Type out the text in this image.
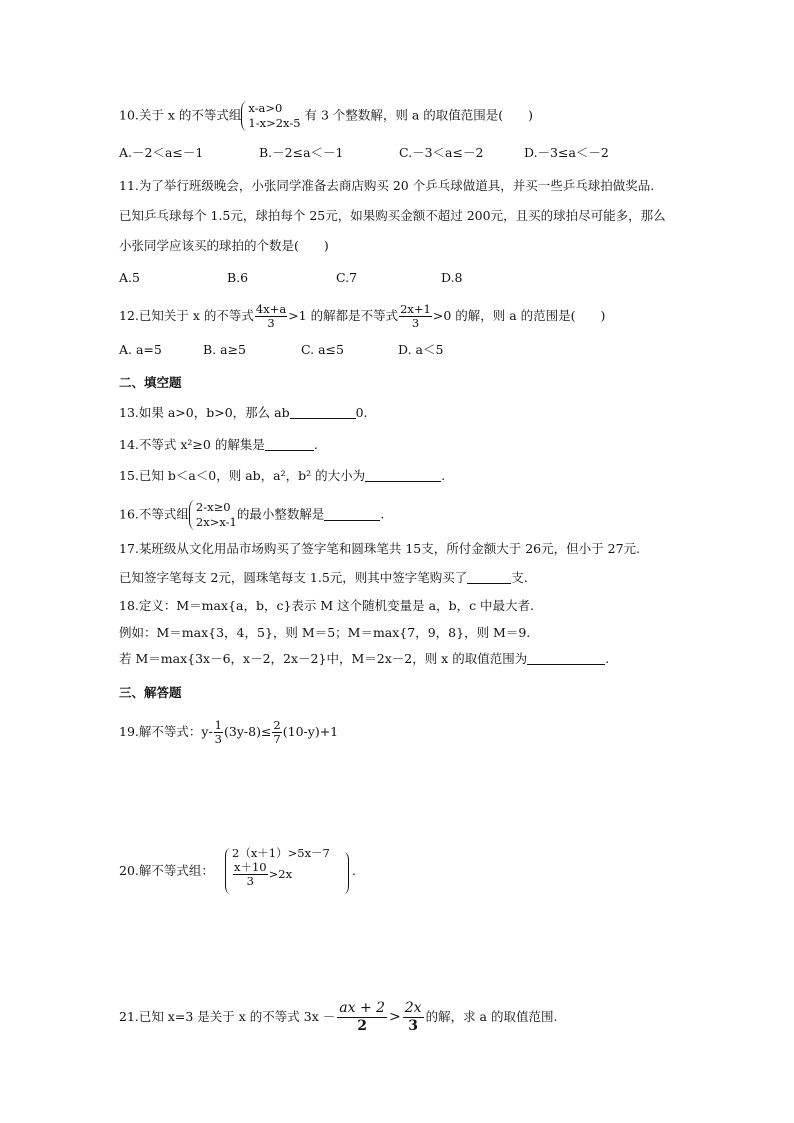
10.关于 x 的不等式组 x-a>0
1-x>2x-5
有 3 个整数解，则 a 的取值范围是(　　)
A.－2＜a≤－1	B.－2≤a＜－1	C.－3＜a≤－2	D.－3≤a＜－2
11.为了举行班级晚会，小张同学准备去商店购买 20 个乒乓球做道具，并买一些乒乓球拍做奖品.
已知乒乓球每个 1.5元，球拍每个 25元，如果购买金额不超过 200元，且买的球拍尽可能多，那么
小张同学应该买的球拍的个数是(　　)
A.5	B.6	C.7	D.8
12.已知关于 x 的不等式 $\frac{4x+a}{3} >1$ 的解都是不等式 $\frac{2x+1}{3} >0$ 的解，则 a 的范围是(　　)
A. a=5	B. a≥5	C. a≤5	D. a＜5
二、填空题
13.如果 a>0，b>0，那么 ab	0.
14.不等式 x²≥0 的解集是	.
15.已知 b＜a＜0，则 ab，a²，b² 的大小为	.
16.不等式组 2-x≥0
2x>x-1
的最小整数解是	.
17.某班级从文化用品市场购买了签字笔和圆珠笔共 15支，所付金额大于 26元，但小于 27元.
已知签字笔每支 2元，圆珠笔每支 1.5元，则其中签字笔购买了	支.
18.定义：M＝max{a，b，c}表示 M 这个随机变量是 a，b，c 中最大者.
例如：M＝max{3，4，5}，则 M＝5；M＝max{7，9，8}，则 M＝9.
若 M＝max{3x－6，x－2，2x－2}中，M＝2x－2，则 x 的取值范围为	.
三、解答题
19.解不等式：$y- \frac{1}{3} (3y-8)\le \frac{2}{7} (10-y)+1$
20.解不等式组：
2（x＋1）>5x－7
$\frac{x+10}{3} >2x$	.
21.已知 x=3 是关于 x 的不等式 $3x - \frac{ax + 2}{2} > \frac{2x}{3}$ 的解，求 a 的取值范围.
